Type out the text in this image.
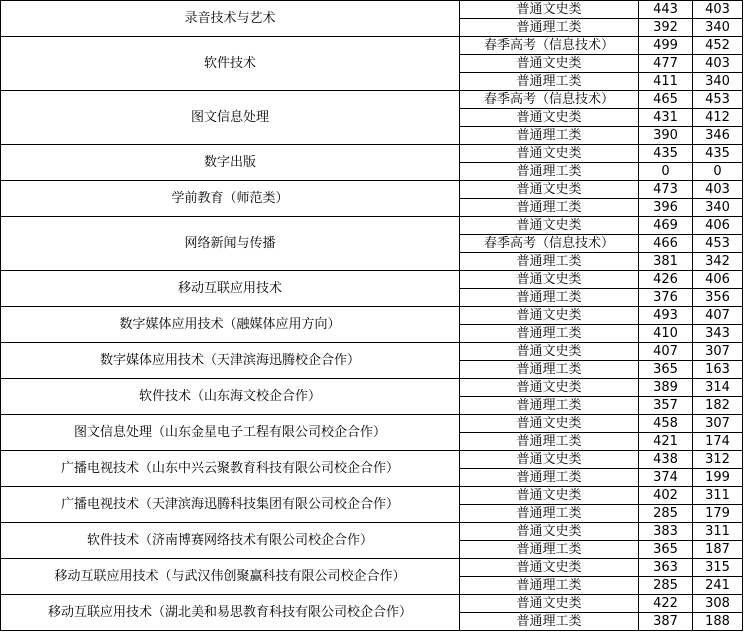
录音技术与艺术	普通文史类	443	403
	普通理工类	392	340
软件技术	春季高考（信息技术）	499	452
	普通文史类	477	403
	普通理工类	411	340
图文信息处理	春季高考（信息技术）	465	453
	普通文史类	431	412
	普通理工类	390	346
数字出版	普通文史类	435	435
	普通理工类	0	0
学前教育（师范类）	普通文史类	473	403
	普通理工类	396	340
网络新闻与传播	普通文史类	469	406
	春季高考（信息技术）	466	453
	普通理工类	381	342
移动互联应用技术	普通文史类	426	406
	普通理工类	376	356
数字媒体应用技术（融媒体应用方向）	普通文史类	493	407
	普通理工类	410	343
数字媒体应用技术（天津滨海迅腾校企合作）	普通文史类	407	307
	普通理工类	365	163
软件技术（山东海文校企合作）	普通文史类	389	314
	普通理工类	357	182
图文信息处理（山东金星电子工程有限公司校企合作）	普通文史类	458	307
	普通理工类	421	174
广播电视技术（山东中兴云聚教育科技有限公司校企合作）	普通文史类	438	312
	普通理工类	374	199
广播电视技术（天津滨海迅腾科技集团有限公司校企合作）	普通文史类	402	311
	普通理工类	285	179
软件技术（济南博赛网络技术有限公司校企合作）	普通文史类	383	311
	普通理工类	365	187
移动互联应用技术（与武汉伟创聚赢科技有限公司校企合作）	普通文史类	363	315
	普通理工类	285	241
移动互联应用技术（湖北美和易思教育科技有限公司校企合作）	普通文史类	422	308
	普通理工类	387	188
